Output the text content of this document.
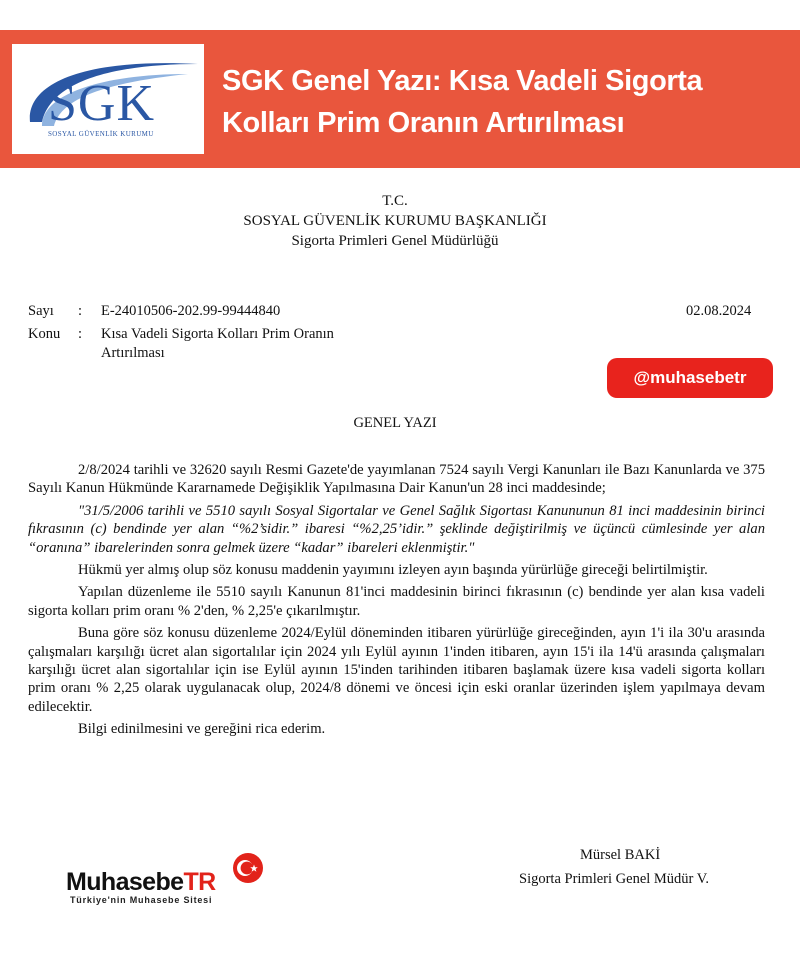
SGK
SOSYAL GÜVENLİK KURUMU
SGK Genel Yazı: Kısa Vadeli Sigorta Kolları Prim Oranın Artırılması
T.C.
SOSYAL GÜVENLİK KURUMU BAŞKANLIĞI
Sigorta Primleri Genel Müdürlüğü
Sayı : E-24010506-202.99-99444840	02.08.2024
Konu : Kısa Vadeli Sigorta Kolları Prim Oranın
Artırılması
@muhasebetr
GENEL YAZI

2/8/2024 tarihli ve 32620 sayılı Resmi Gazete'de yayımlanan 7524 sayılı Vergi Kanunları ile Bazı Kanunlarda ve 375 Sayılı Kanun Hükmünde Kararnamede Değişiklik Yapılmasına Dair Kanun'un 28 inci maddesinde;

"31/5/2006 tarihli ve 5510 sayılı Sosyal Sigortalar ve Genel Sağlık Sigortası Kanununun 81 inci maddesinin birinci fıkrasının (c) bendinde yer alan “%2’sidir.” ibaresi “%2,25’idir.” şeklinde değiştirilmiş ve üçüncü cümlesinde yer alan “oranına” ibarelerinden sonra gelmek üzere “kadar” ibareleri eklenmiştir."

Hükmü yer almış olup söz konusu maddenin yayımını izleyen ayın başında yürürlüğe gireceği belirtilmiştir.

Yapılan düzenleme ile 5510 sayılı Kanunun 81'inci maddesinin birinci fıkrasının (c) bendinde yer alan kısa vadeli sigorta kolları prim oranı % 2'den, % 2,25'e çıkarılmıştır.

Buna göre söz konusu düzenleme 2024/Eylül döneminden itibaren yürürlüğe gireceğinden, ayın 1'i ila 30'u arasında çalışmaları karşılığı ücret alan sigortalılar için 2024 yılı Eylül ayının 1'inden itibaren, ayın 15'i ila 14'ü arasında çalışmaları karşılığı ücret alan sigortalılar için ise Eylül ayının 15'inden tarihinden itibaren başlamak üzere kısa vadeli sigorta kolları prim oranı % 2,25 olarak uygulanacak olup, 2024/8 dönemi ve öncesi için eski oranlar üzerinden işlem yapılmaya devam edilecektir.

Bilgi edinilmesini ve gereğini rica ederim.

Mürsel BAKİ
Sigorta Primleri Genel Müdür V.
MuhasebeTR
Türkiye'nin Muhasebe Sitesi
